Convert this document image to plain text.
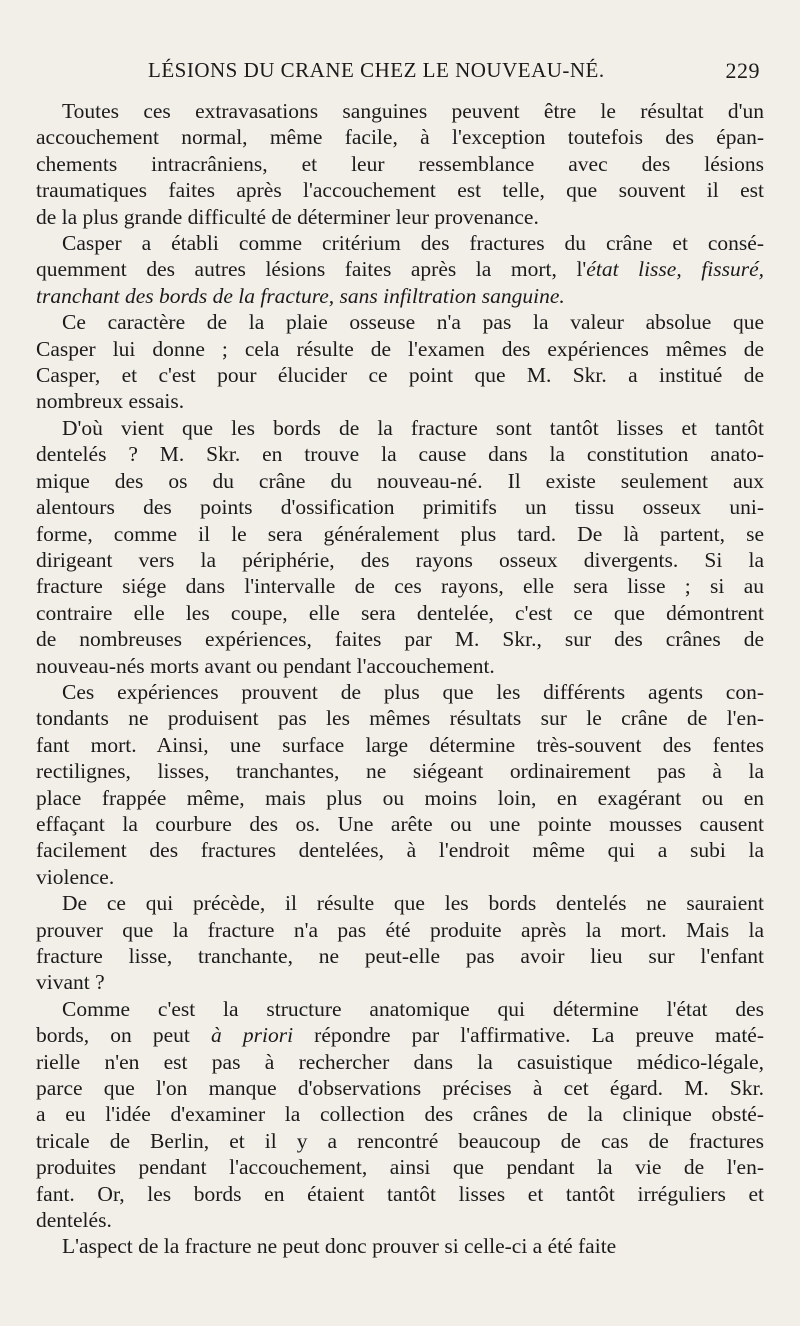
LÉSIONS DU CRANE CHEZ LE NOUVEAU-NÉ.	229

Toutes ces extravasations sanguines peuvent être le résultat d'un
accouchement normal, même facile, à l'exception toutefois des épan-
chements intracrâniens, et leur ressemblance avec des lésions
traumatiques faites après l'accouchement est telle, que souvent il est
de la plus grande difficulté de déterminer leur provenance.

Casper a établi comme critérium des fractures du crâne et consé-
quemment des autres lésions faites après la mort, l'état lisse, fissuré,
tranchant des bords de la fracture, sans infiltration sanguine.

Ce caractère de la plaie osseuse n'a pas la valeur absolue que
Casper lui donne ; cela résulte de l'examen des expériences mêmes de
Casper, et c'est pour élucider ce point que M. Skr. a institué de
nombreux essais.

D'où vient que les bords de la fracture sont tantôt lisses et tantôt
dentelés ? M. Skr. en trouve la cause dans la constitution anato-
mique des os du crâne du nouveau-né. Il existe seulement aux
alentours des points d'ossification primitifs un tissu osseux uni-
forme, comme il le sera généralement plus tard. De là partent, se
dirigeant vers la périphérie, des rayons osseux divergents. Si la
fracture siége dans l'intervalle de ces rayons, elle sera lisse ; si au
contraire elle les coupe, elle sera dentelée, c'est ce que démontrent
de nombreuses expériences, faites par M. Skr., sur des crânes de
nouveau-nés morts avant ou pendant l'accouchement.

Ces expériences prouvent de plus que les différents agents con-
tondants ne produisent pas les mêmes résultats sur le crâne de l'en-
fant mort. Ainsi, une surface large détermine très-souvent des fentes
rectilignes, lisses, tranchantes, ne siégeant ordinairement pas à la
place frappée même, mais plus ou moins loin, en exagérant ou en
effaçant la courbure des os. Une arête ou une pointe mousses causent
facilement des fractures dentelées, à l'endroit même qui a subi la
violence.

De ce qui précède, il résulte que les bords dentelés ne sauraient
prouver que la fracture n'a pas été produite après la mort. Mais la
fracture lisse, tranchante, ne peut-elle pas avoir lieu sur l'enfant
vivant ?

Comme c'est la structure anatomique qui détermine l'état des
bords, on peut à priori répondre par l'affirmative. La preuve maté-
rielle n'en est pas à rechercher dans la casuistique médico-légale,
parce que l'on manque d'observations précises à cet égard. M. Skr.
a eu l'idée d'examiner la collection des crânes de la clinique obsté-
tricale de Berlin, et il y a rencontré beaucoup de cas de fractures
produites pendant l'accouchement, ainsi que pendant la vie de l'en-
fant. Or, les bords en étaient tantôt lisses et tantôt irréguliers et
dentelés.

L'aspect de la fracture ne peut donc prouver si celle-ci a été faite
